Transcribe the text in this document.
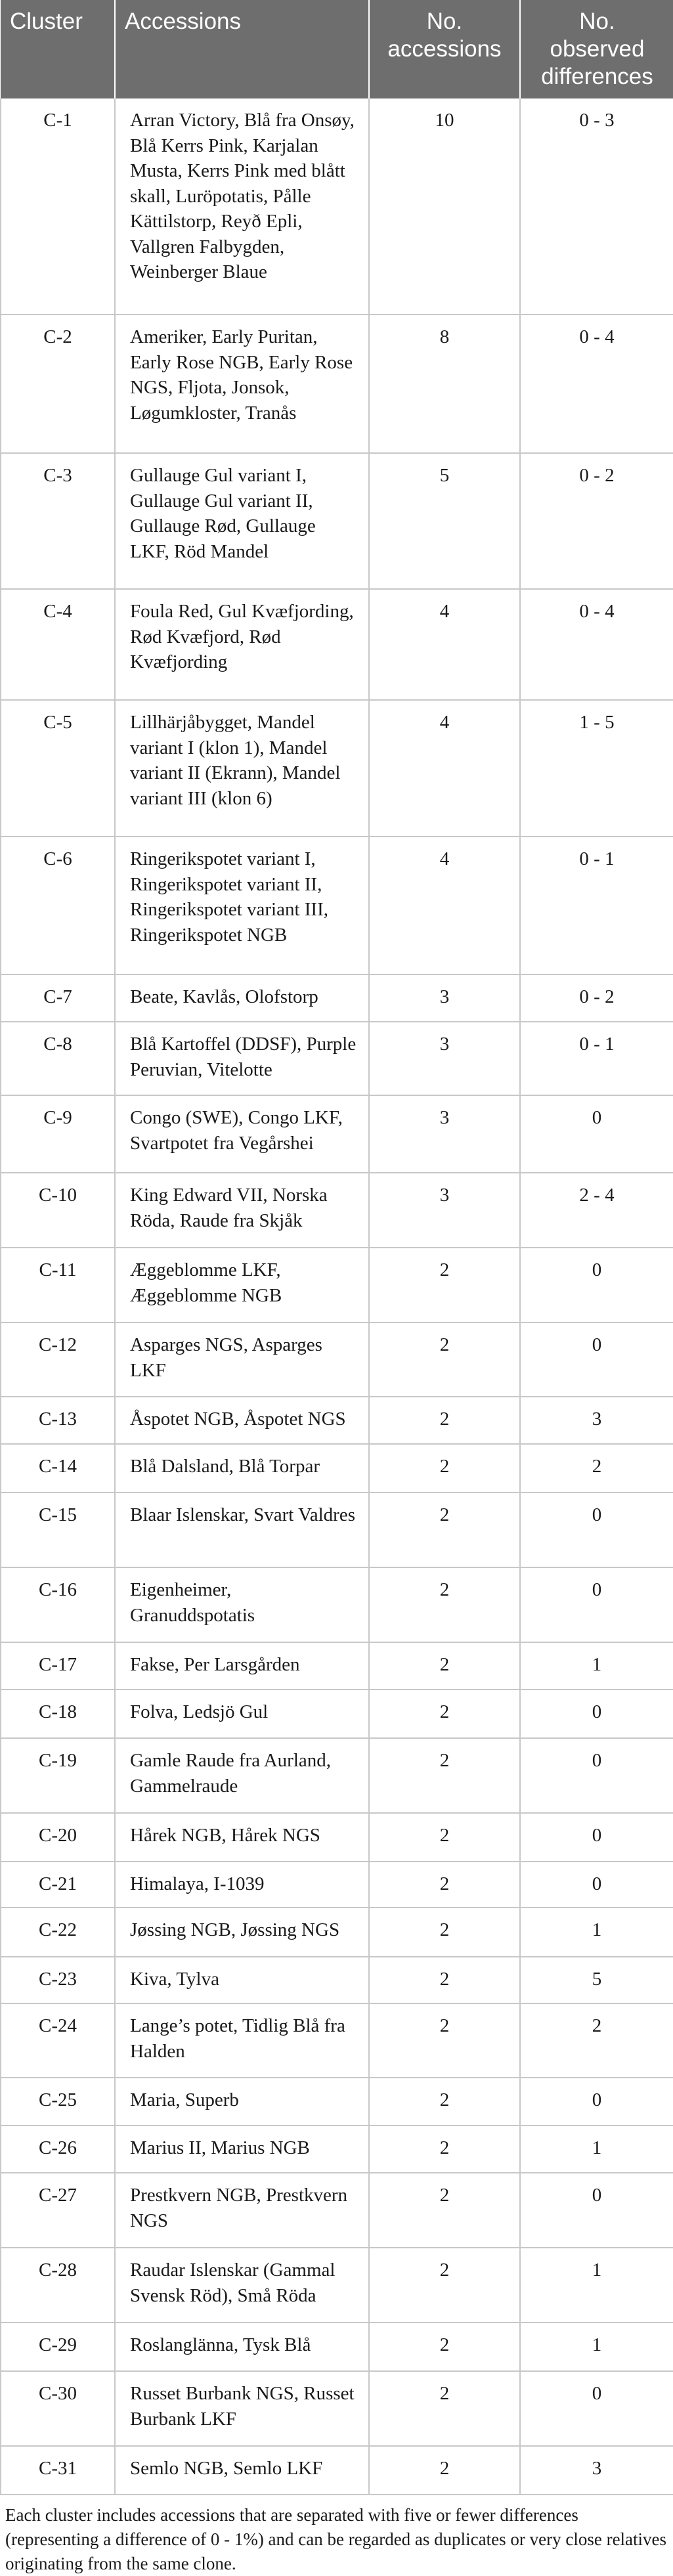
Cluster	Accessions	No. accessions	No. observed differences
C-1	Arran Victory, Blå fra Onsøy, Blå Kerrs Pink, Karjalan Musta, Kerrs Pink med blått skall, Luröpotatis, Pålle Kättilstorp, Reyð Epli, Vallgren Falbygden, Weinberger Blaue	10	0 - 3
C-2	Ameriker, Early Puritan, Early Rose NGB, Early Rose NGS, Fljota, Jonsok, Løgumkloster, Tranås	8	0 - 4
C-3	Gullauge Gul variant I, Gullauge Gul variant II, Gullauge Rød, Gullauge LKF, Röd Mandel	5	0 - 2
C-4	Foula Red, Gul Kvæfjording, Rød Kvæfjord, Rød Kvæfjording	4	0 - 4
C-5	Lillhärjåbygget, Mandel variant I (klon 1), Mandel variant II (Ekrann), Mandel variant III (klon 6)	4	1 - 5
C-6	Ringerikspotet variant I, Ringerikspotet variant II, Ringerikspotet variant III, Ringerikspotet NGB	4	0 - 1
C-7	Beate, Kavlås, Olofstorp	3	0 - 2
C-8	Blå Kartoffel (DDSF), Purple Peruvian, Vitelotte	3	0 - 1
C-9	Congo (SWE), Congo LKF, Svartpotet fra Vegårshei	3	0
C-10	King Edward VII, Norska Röda, Raude fra Skjåk	3	2 - 4
C-11	Æggeblomme LKF, Æggeblomme NGB	2	0
C-12	Asparges NGS, Asparges LKF	2	0
C-13	Åspotet NGB, Åspotet NGS	2	3
C-14	Blå Dalsland, Blå Torpar	2	2
C-15	Blaar Islenskar, Svart Valdres	2	0
C-16	Eigenheimer, Granuddspotatis	2	0
C-17	Fakse, Per Larsgården	2	1
C-18	Folva, Ledsjö Gul	2	0
C-19	Gamle Raude fra Aurland, Gammelraude	2	0
C-20	Hårek NGB, Hårek NGS	2	0
C-21	Himalaya, I-1039	2	0
C-22	Jøssing NGB, Jøssing NGS	2	1
C-23	Kiva, Tylva	2	5
C-24	Lange’s potet, Tidlig Blå fra Halden	2	2
C-25	Maria, Superb	2	0
C-26	Marius II, Marius NGB	2	1
C-27	Prestkvern NGB, Prestkvern NGS	2	0
C-28	Raudar Islenskar (Gammal Svensk Röd), Små Röda	2	1
C-29	Roslanglänna, Tysk Blå	2	1
C-30	Russet Burbank NGS, Russet Burbank LKF	2	0
C-31	Semlo NGB, Semlo LKF	2	3

Each cluster includes accessions that are separated with five or fewer differences (representing a difference of 0 - 1%) and can be regarded as duplicates or very close relatives originating from the same clone.
